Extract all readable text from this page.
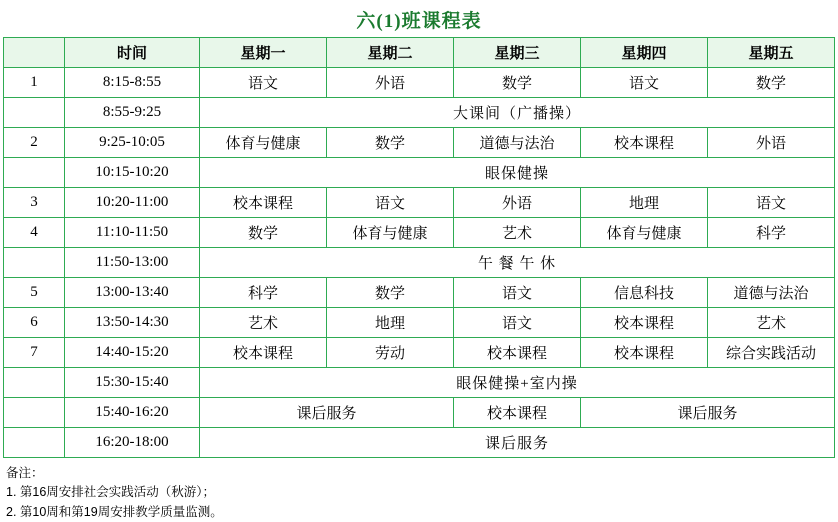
六(1)班课程表
	时间	星期一	星期二	星期三	星期四	星期五
1	8:15-8:55	语文	外语	数学	语文	数学
	8:55-9:25	大课间（广播操）				
2	9:25-10:05	体育与健康	数学	道德与法治	校本课程	外语
	10:15-10:20	眼保健操				
3	10:20-11:00	校本课程	语文	外语	地理	语文
4	11:10-11:50	数学	体育与健康	艺术	体育与健康	科学
	11:50-13:00	午 餐 午 休				
5	13:00-13:40	科学	数学	语文	信息科技	道德与法治
6	13:50-14:30	艺术	地理	语文	校本课程	艺术
7	14:40-15:20	校本课程	劳动	校本课程	校本课程	综合实践活动
	15:30-15:40	眼保健操+室内操				
	15:40-16:20	课后服务		校本课程	课后服务	
	16:20-18:00	课后服务				
备注：
1. 第16周安排社会实践活动（秋游）；
2. 第10周和第19周安排教学质量监测。
